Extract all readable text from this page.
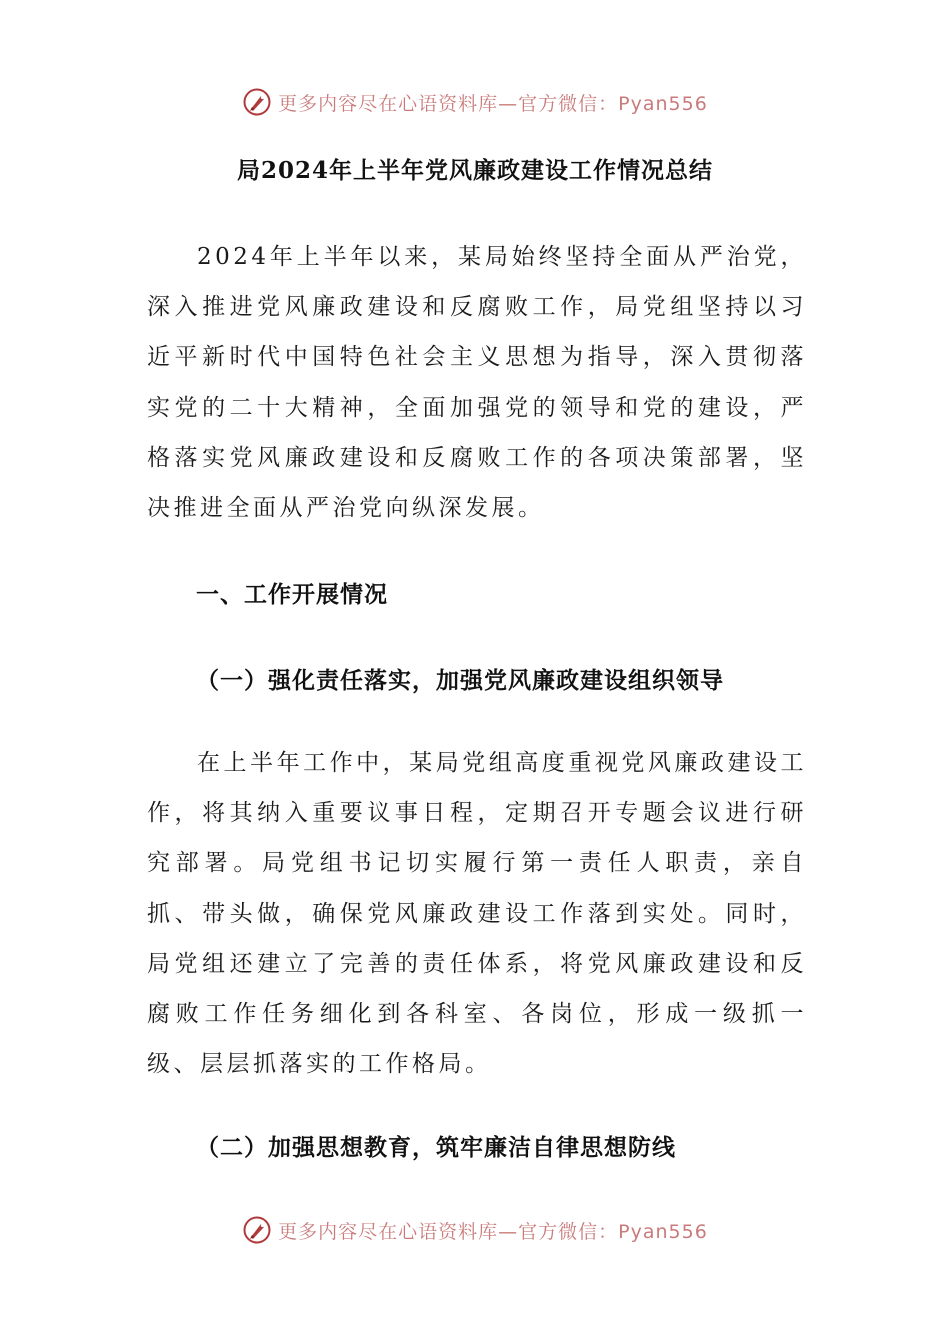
更多内容尽在心语资料库—官方微信：Pyan556
局2024年上半年党风廉政建设工作情况总结
2024年上半年以来，某局始终坚持全面从严治党，深入推进党风廉政建设和反腐败工作，局党组坚持以习近平新时代中国特色社会主义思想为指导，深入贯彻落实党的二十大精神，全面加强党的领导和党的建设，严格落实党风廉政建设和反腐败工作的各项决策部署，坚决推进全面从严治党向纵深发展。
一、工作开展情况
（一）强化责任落实，加强党风廉政建设组织领导
在上半年工作中，某局党组高度重视党风廉政建设工作，将其纳入重要议事日程，定期召开专题会议进行研究部署。局党组书记切实履行第一责任人职责，亲自抓、带头做，确保党风廉政建设工作落到实处。同时，局党组还建立了完善的责任体系，将党风廉政建设和反腐败工作任务细化到各科室、各岗位，形成一级抓一级、层层抓落实的工作格局。
（二）加强思想教育，筑牢廉洁自律思想防线
更多内容尽在心语资料库—官方微信：Pyan556
